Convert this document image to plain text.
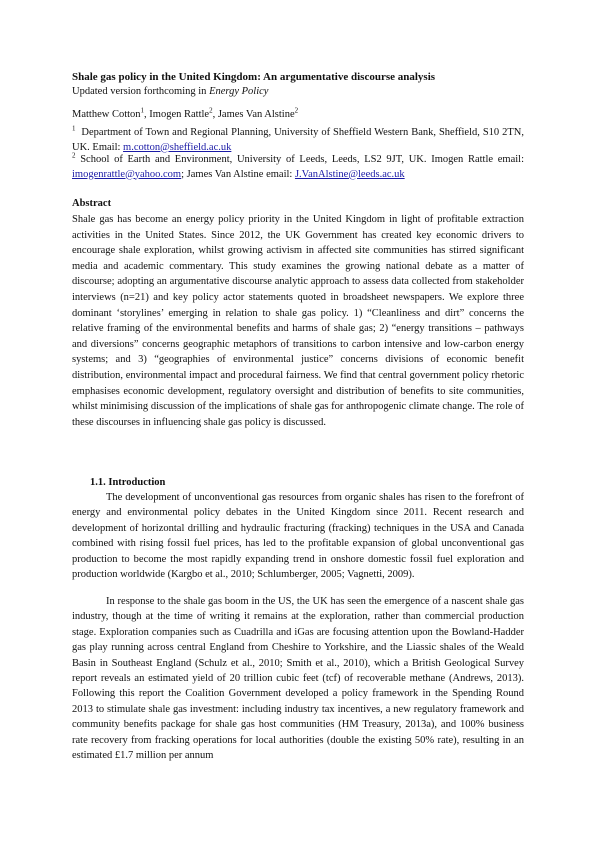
Shale gas policy in the United Kingdom: An argumentative discourse analysis
Updated version forthcoming in Energy Policy
Matthew Cotton$^1$, Imogen Rattle$^2$, James Van Alstine$^2$
$^1$ Department of Town and Regional Planning, University of Sheffield Western Bank, Sheffield, S10 2TN, UK. Email: m.cotton@sheffield.ac.uk
$^2$ School of Earth and Environment, University of Leeds, Leeds, LS2 9JT, UK. Imogen Rattle email: imogenrattle@yahoo.com; James Van Alstine email: J.VanAlstine@leeds.ac.uk
Abstract
Shale gas has become an energy policy priority in the United Kingdom in light of profitable extraction activities in the United States. Since 2012, the UK Government has created key economic drivers to encourage shale exploration, whilst growing activism in affected site communities has stirred significant media and academic commentary. This study examines the growing national debate as a matter of discourse; adopting an argumentative discourse analytic approach to assess data collected from stakeholder interviews (n=21) and key policy actor statements quoted in broadsheet newspapers. We explore three dominant ‘storylines’ emerging in relation to shale gas policy. 1) “Cleanliness and dirt” concerns the relative framing of the environmental benefits and harms of shale gas; 2) “energy transitions – pathways and diversions” concerns geographic metaphors of transitions to carbon intensive and low-carbon energy systems; and 3) “geographies of environmental justice” concerns divisions of economic benefit distribution, environmental impact and procedural fairness. We find that central government policy rhetoric emphasises economic development, regulatory oversight and distribution of benefits to site communities, whilst minimising discussion of the implications of shale gas for anthropogenic climate change. The role of these discourses in influencing shale gas policy is discussed.
1.1. Introduction

The development of unconventional gas resources from organic shales has risen to the forefront of energy and environmental policy debates in the United Kingdom since 2011. Recent research and development of horizontal drilling and hydraulic fracturing (fracking) techniques in the USA and Canada combined with rising fossil fuel prices, has led to the profitable expansion of global unconventional gas production to become the most rapidly expanding trend in onshore domestic fossil fuel exploration and production worldwide (Kargbo et al., 2010; Schlumberger, 2005; Vagnetti, 2009).

In response to the shale gas boom in the US, the UK has seen the emergence of a nascent shale gas industry, though at the time of writing it remains at the exploration, rather than commercial production stage. Exploration companies such as Cuadrilla and iGas are focusing attention upon the Bowland-Hadder gas play running across central England from Cheshire to Yorkshire, and the Liassic shales of the Weald Basin in Southeast England (Schulz et al., 2010; Smith et al., 2010), which a British Geological Survey report reveals an estimated yield of 20 trillion cubic feet (tcf) of recoverable methane (Andrews, 2013). Following this report the Coalition Government developed a policy framework in the Spending Round 2013 to stimulate shale gas investment: including industry tax incentives, a new regulatory framework and community benefits package for shale gas host communities (HM Treasury, 2013a), and 100% business rate recovery from fracking operations for local authorities (double the existing 50% rate), resulting in an estimated £1.7 million per annum
